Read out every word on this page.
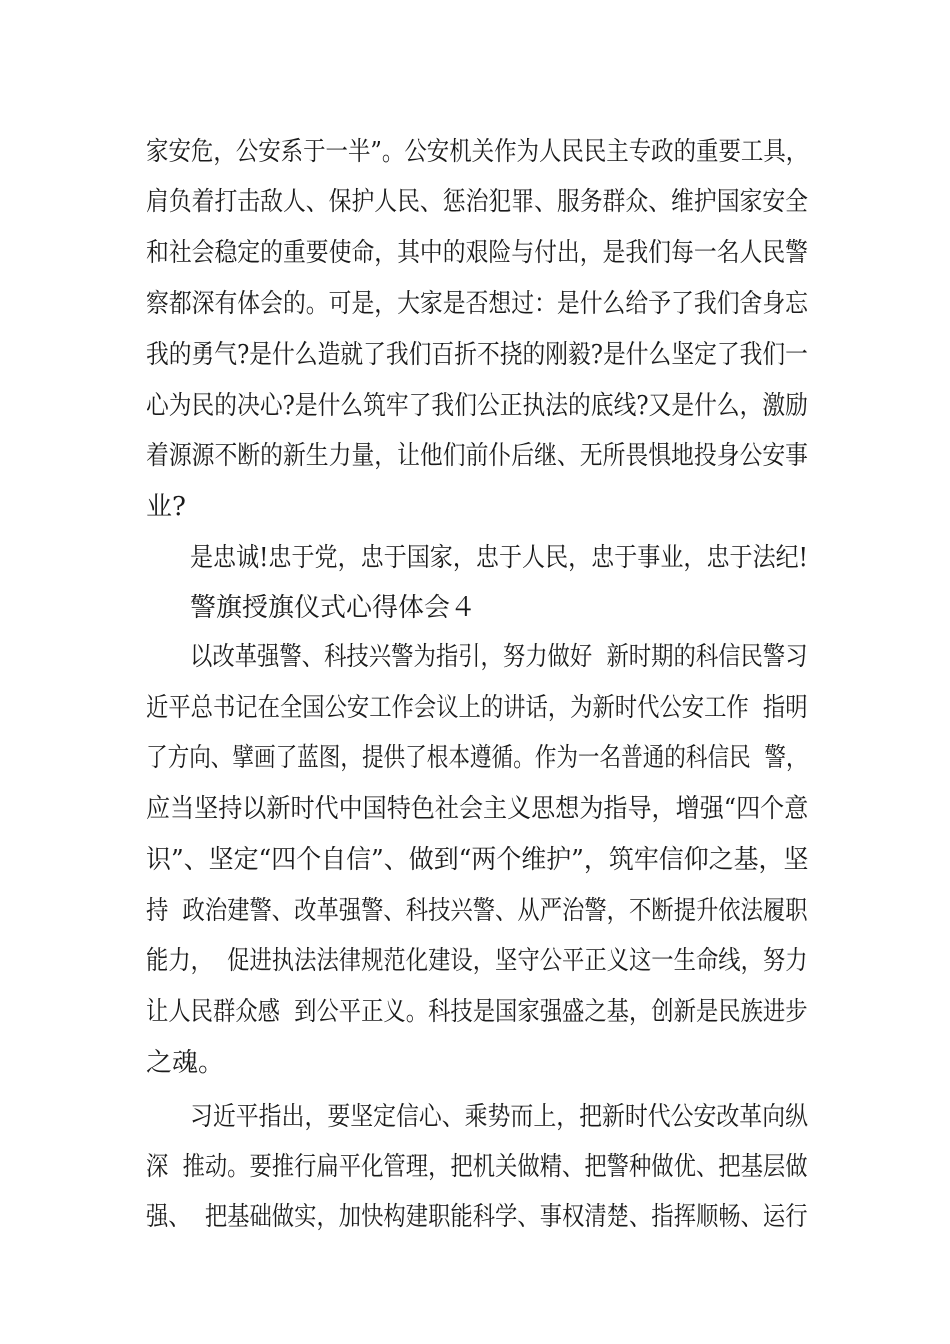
家安危，公安系于一半”。公安机关作为人民民主专政的重要工具，
肩负着打击敌人、保护人民、惩治犯罪、服务群众、维护国家安全
和社会稳定的重要使命，其中的艰险与付出，是我们每一名人民警
察都深有体会的。可是，大家是否想过：是什么给予了我们舍身忘
我的勇气?是什么造就了我们百折不挠的刚毅?是什么坚定了我们一
心为民的决心?是什么筑牢了我们公正执法的底线?又是什么，激励
着源源不断的新生力量，让他们前仆后继、无所畏惧地投身公安事
业?
是忠诚!忠于党，忠于国家，忠于人民，忠于事业，忠于法纪!
警旗授旗仪式心得体会４
以改革强警、科技兴警为指引，努力做好  新时期的科信民警习
近平总书记在全国公安工作会议上的讲话，为新时代公安工作  指明
了方向、擘画了蓝图，提供了根本遵循。作为一名普通的科信民  警，
应当坚持以新时代中国特色社会主义思想为指导，增强“四个意
识”、坚定“四个自信”、做到“两个维护”，筑牢信仰之基，坚
持  政治建警、改革强警、科技兴警、从严治警，不断提升依法履职
能力，  促进执法法律规范化建设，坚守公平正义这一生命线，努力
让人民群众感  到公平正义。科技是国家强盛之基，创新是民族进步
之魂。
习近平指出，要坚定信心、乘势而上，把新时代公安改革向纵
深  推动。要推行扁平化管理，把机关做精、把警种做优、把基层做
强、  把基础做实，加快构建职能科学、事权清楚、指挥顺畅、运行
